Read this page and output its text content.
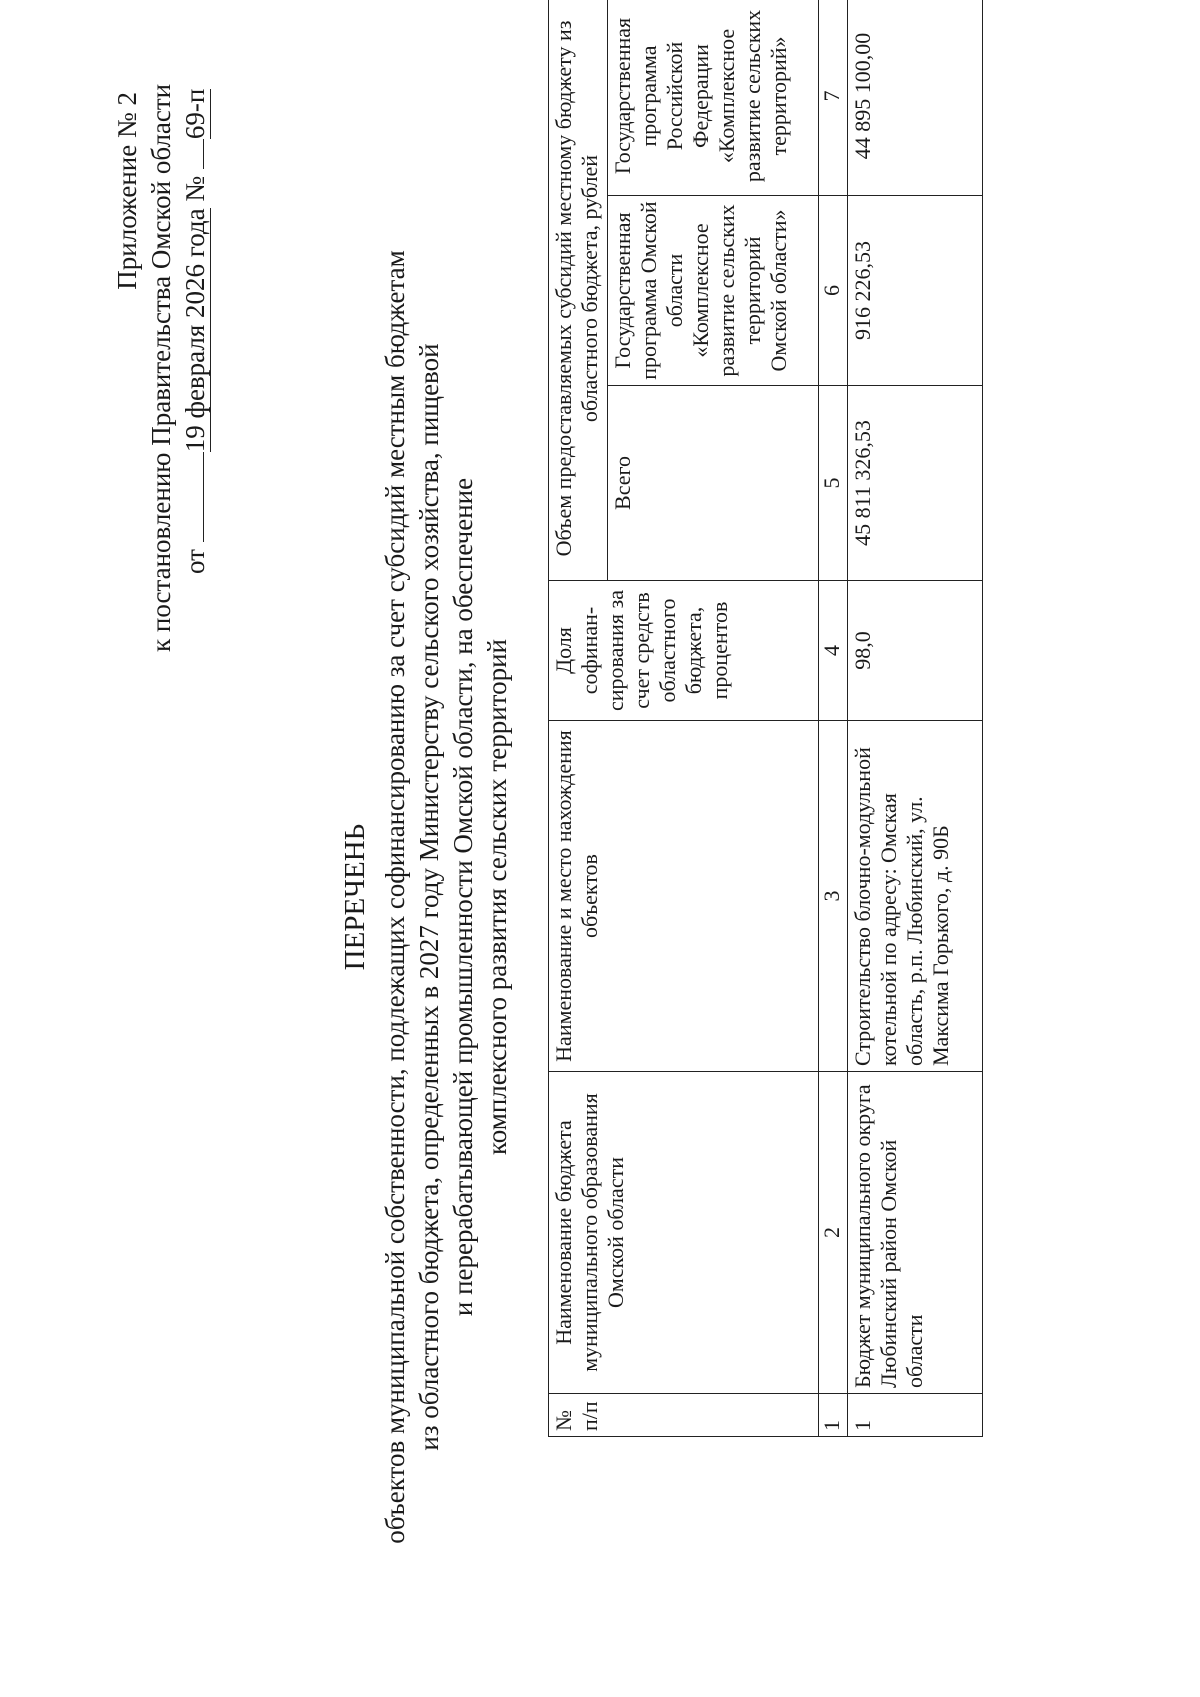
Приложение № 2 к постановлению Правительства Омской области от 19 февраля 2026 года № 69-п
ПЕРЕЧЕНЬ объектов муниципальной собственности, подлежащих софинансированию за счет субсидий местным бюджетам из областного бюджета, определенных в 2027 году Министерству сельского хозяйства, пищевой и перерабатывающей промышленности Омской области, на обеспечение комплексного развития сельских территорий
№ п/п	Наименование бюджета муниципального образования Омской области	Наименование и место нахождения объектов	Доля софинан-сирования за счет средств областного бюджета, процентов	Объем предоставляемых субсидий местному бюджету из областного бюджета, рублей		
				Всего	Государственная программа Омской области «Комплексное развитие сельских территорий Омской области»	Государственная программа Российской Федерации «Комплексное развитие сельских территорий»
1	2	3	4	5	6	7
1	Бюджет муниципального округа Любинский район Омской области	Строительство блочно-модульной котельной по адресу: Омская область, р.п. Любинский, ул. Максима Горького, д. 90Б	98,0	45 811 326,53	916 226,53	44 895 100,00
